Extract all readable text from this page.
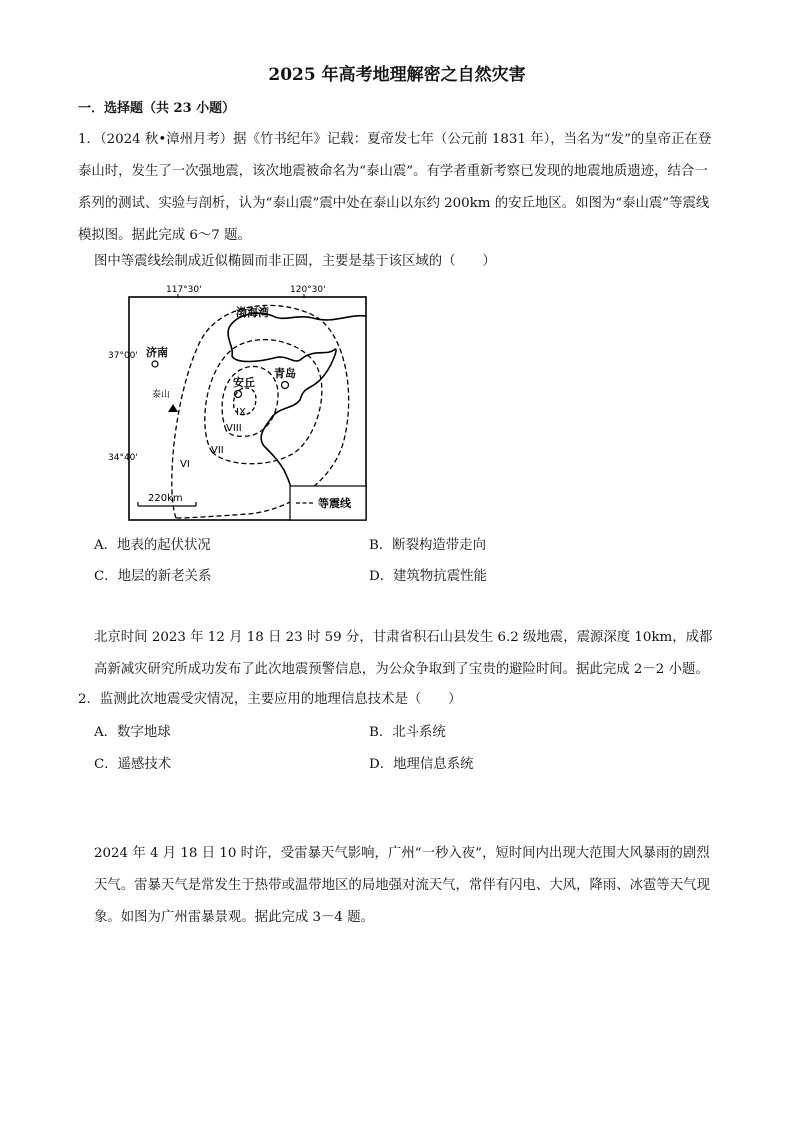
2025 年高考地理解密之自然灾害
一．选择题（共 23 小题）

1．（2024 秋•漳州月考）据《竹书纪年》记载：夏帝发七年（公元前 1831 年），当名为“发”的皇帝正在登泰山时，发生了一次强地震，该次地震被命名为“泰山震”。有学者重新考察已发现的地震地质遗迹，结合一系列的测试、实验与剖析，认为“泰山震”震中处在泰山以东约 200km 的安丘地区。如图为“泰山震”等震线模拟图。据此完成 6～7 题。

图中等震线绘制成近似椭圆而非正圆，主要是基于该区域的（　　）

117°30'	120°30'
37°00'
34°40'
渤海湾
济南
泰山
青岛
安丘
IX
VIII
VII
VI
220km	等震线
A．地表的起伏状况	B．断裂构造带走向
C．地层的新老关系	D．建筑物抗震性能

北京时间 2023 年 12 月 18 日 23 时 59 分，甘肃省积石山县发生 6.2 级地震，震源深度 10km，成都高新减灾研究所成功发布了此次地震预警信息，为公众争取到了宝贵的避险时间。据此完成 2－2 小题。

2．监测此次地震受灾情况，主要应用的地理信息技术是（　　）

A．数字地球	B．北斗系统
C．遥感技术	D．地理信息系统

2024 年 4 月 18 日 10 时许，受雷暴天气影响，广州“一秒入夜”，短时间内出现大范围大风暴雨的剧烈天气。雷暴天气是常发生于热带或温带地区的局地强对流天气，常伴有闪电、大风，降雨、冰雹等天气现象。如图为广州雷暴景观。据此完成 3－4 题。
